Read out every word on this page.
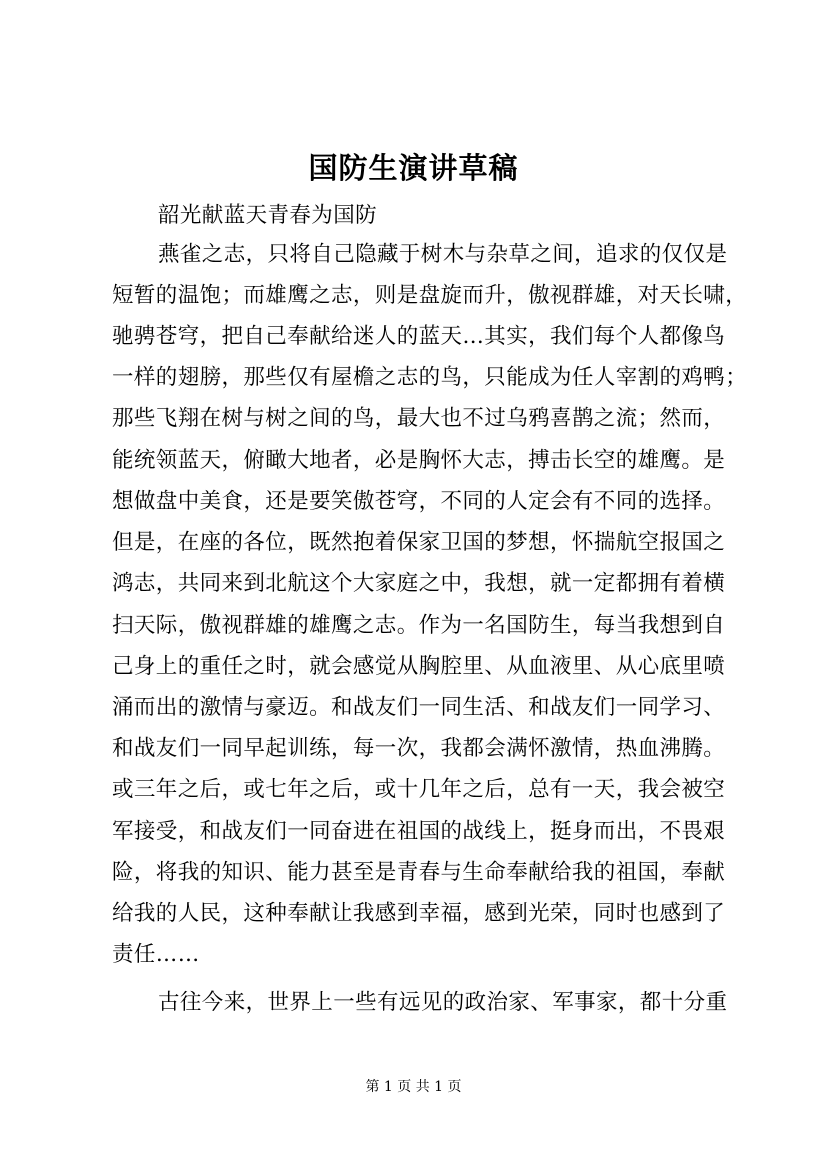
国防生演讲草稿
韶光献蓝天青春为国防
燕雀之志，只将自己隐藏于树木与杂草之间，追求的仅仅是
短暂的温饱；而雄鹰之志，则是盘旋而升，傲视群雄，对天长啸，
驰骋苍穹，把自己奉献给迷人的蓝天…其实，我们每个人都像鸟
一样的翅膀，那些仅有屋檐之志的鸟，只能成为任人宰割的鸡鸭；
那些飞翔在树与树之间的鸟，最大也不过乌鸦喜鹊之流；然而，
能统领蓝天，俯瞰大地者，必是胸怀大志，搏击长空的雄鹰。是
想做盘中美食，还是要笑傲苍穹，不同的人定会有不同的选择。
但是，在座的各位，既然抱着保家卫国的梦想，怀揣航空报国之
鸿志，共同来到北航这个大家庭之中，我想，就一定都拥有着横
扫天际，傲视群雄的雄鹰之志。作为一名国防生，每当我想到自
己身上的重任之时，就会感觉从胸腔里、从血液里、从心底里喷
涌而出的激情与豪迈。和战友们一同生活、和战友们一同学习、
和战友们一同早起训练，每一次，我都会满怀激情，热血沸腾。
或三年之后，或七年之后，或十几年之后，总有一天，我会被空
军接受，和战友们一同奋进在祖国的战线上，挺身而出，不畏艰
险，将我的知识、能力甚至是青春与生命奉献给我的祖国，奉献
给我的人民，这种奉献让我感到幸福，感到光荣，同时也感到了
责任……
古往今来，世界上一些有远见的政治家、军事家，都十分重
第 1 页 共 1 页
